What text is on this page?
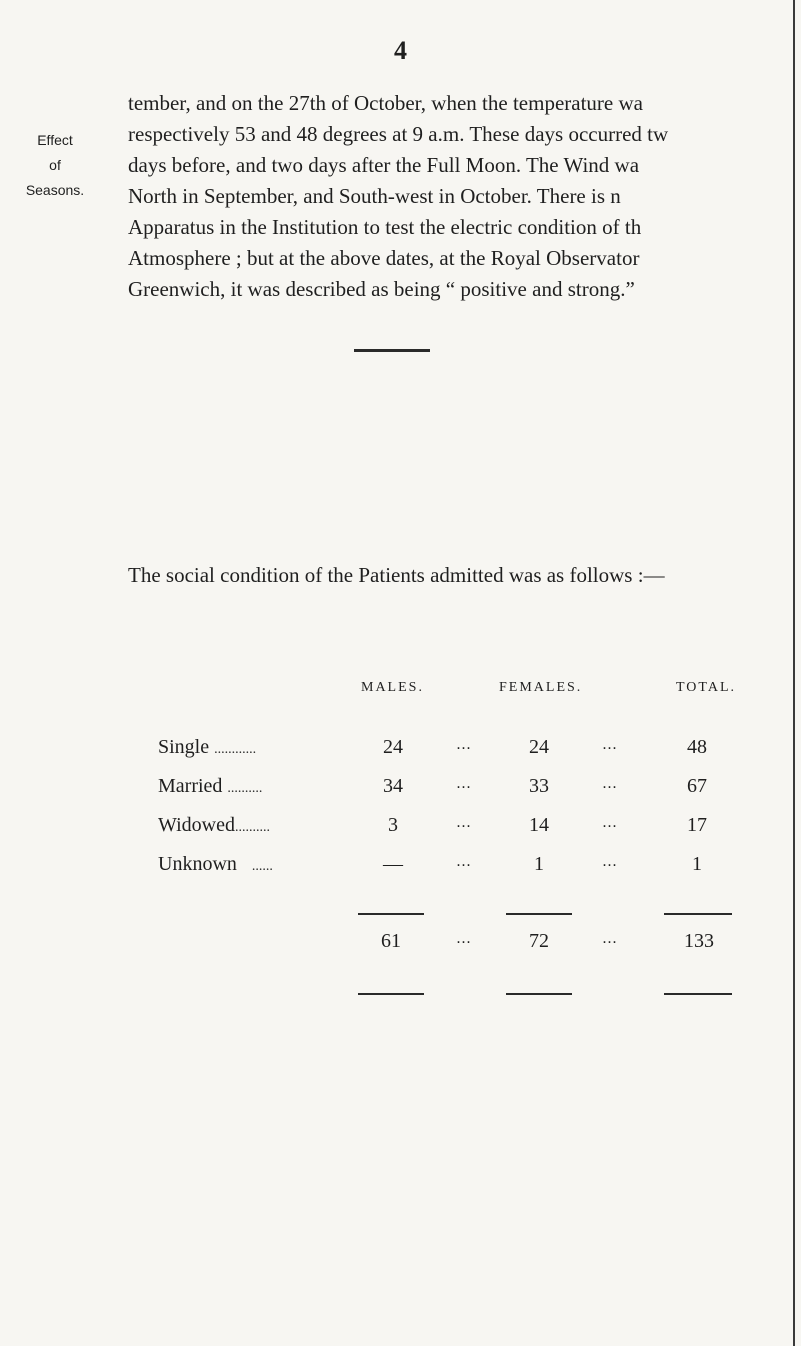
4
Effect
of
Seasons.
tember, and on the 27th of October, when the temperature wa
respectively 53 and 48 degrees at 9 a.m. These days occurred tw
days before, and two days after the Full Moon. The Wind wa
North in September, and South-west in October. There is n
Apparatus in the Institution to test the electric condition of th
Atmosphere ; but at the above dates, at the Royal Observator
Greenwich, it was described as being “ positive and strong.”
The social condition of the Patients admitted was as follows :—
MALES.	FEMALES.	TOTAL.
Single ............	24	...	24	...	48
Married ..........	34	...	33	...	67
Widowed..........	3	...	14	...	17
Unknown ......	—	...	1	...	1
61	...	72	...	133
